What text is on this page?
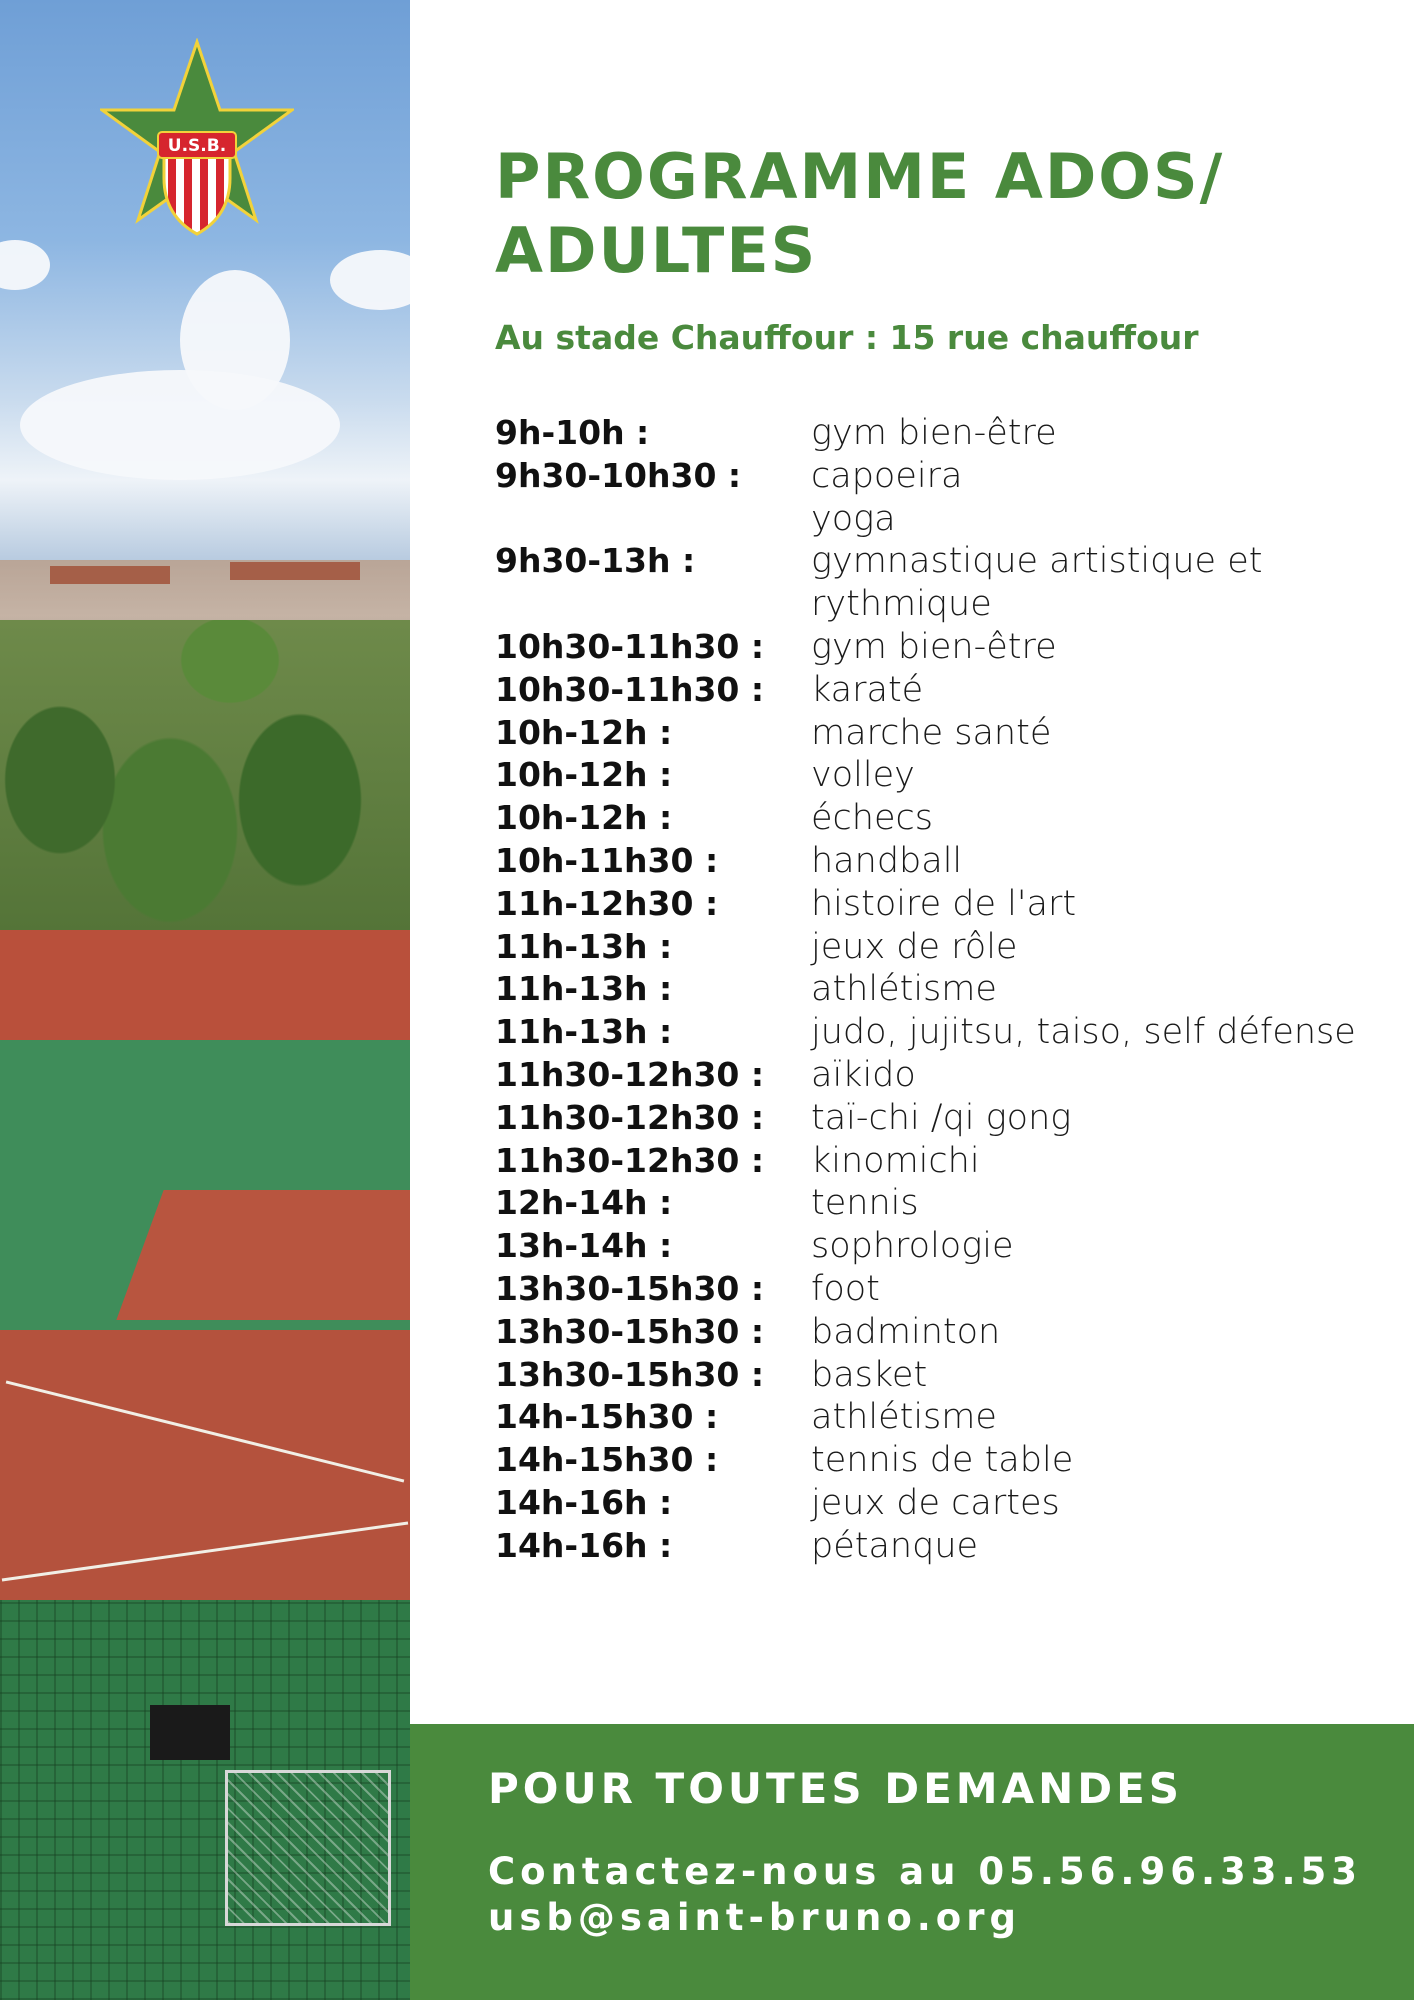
U.S.B.	PROGRAMME ADOS/ ADULTES

Au stade Chauffour : 15 rue chauffour

9h-10h :	gym bien-être
9h30-10h30 :	capoeira
yoga
9h30-13h :	gymnastique artistique et rythmique
10h30-11h30 :	gym bien-être
10h30-11h30 :	karaté
10h-12h :	marche santé
10h-12h :	volley
10h-12h :	échecs
10h-11h30 :	handball
11h-12h30 :	histoire de l'art
11h-13h :	jeux de rôle
11h-13h :	athlétisme
11h-13h :	judo, jujitsu, taiso, self défense
11h30-12h30 :	aïkido
11h30-12h30 :	taï-chi /qi gong
11h30-12h30 :	kinomichi
12h-14h :	tennis
13h-14h :	sophrologie
13h30-15h30 :	foot
13h30-15h30 :	badminton
13h30-15h30 :	basket
14h-15h30 :	athlétisme
14h-15h30 :	tennis de table
14h-16h :	jeux de cartes
14h-16h :	pétanque

POUR TOUTES DEMANDES

Contactez-nous au 05.56.96.33.53

usb@saint-bruno.org
